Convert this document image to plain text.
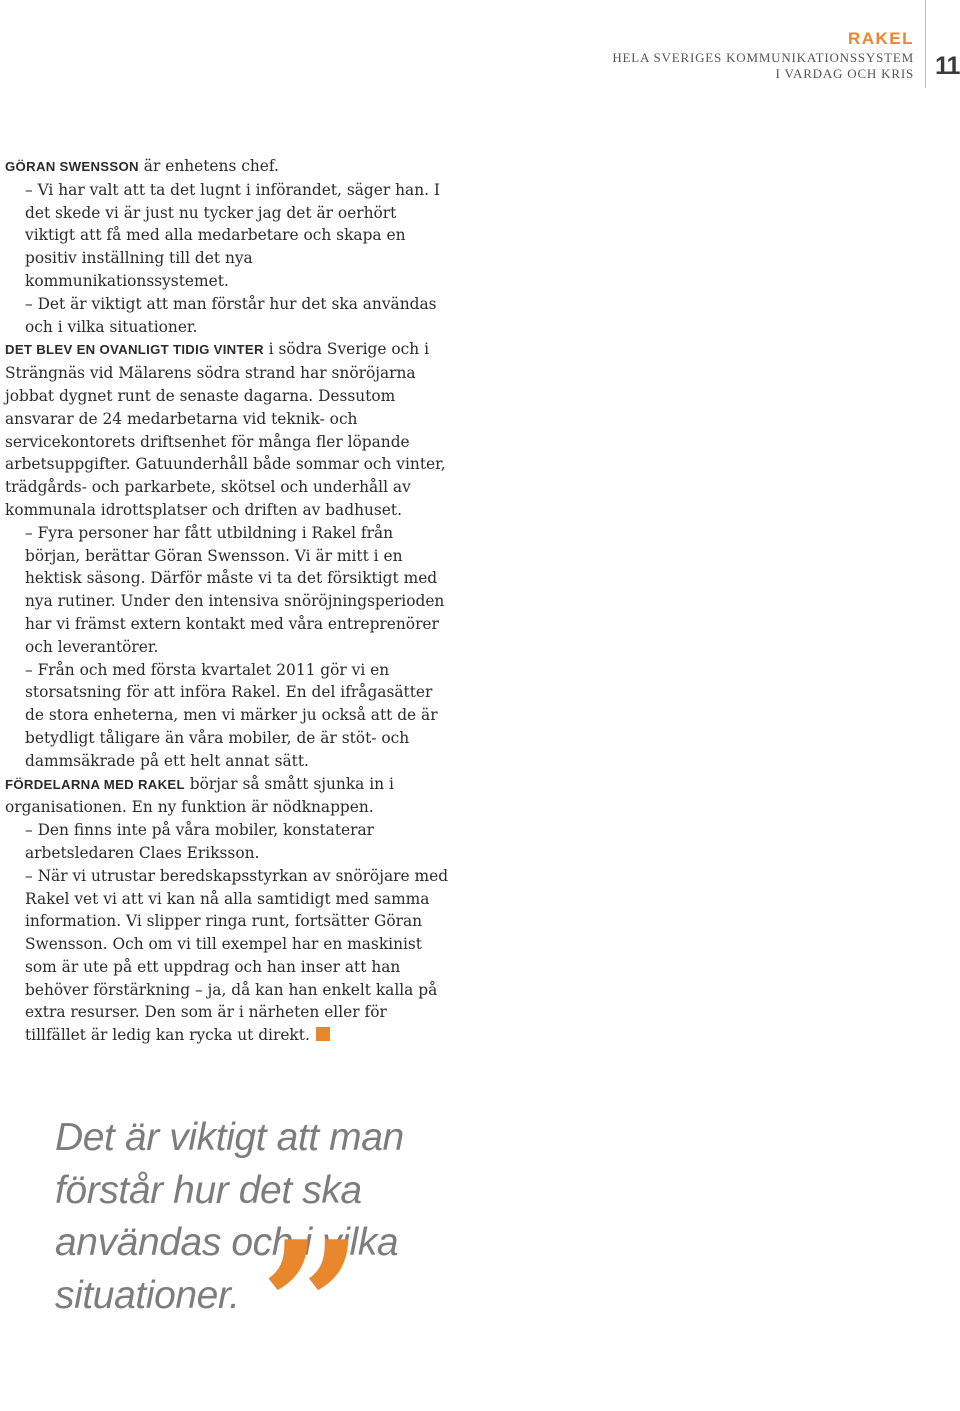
RAKEL
HELA SVERIGES KOMMUNIKATIONSSYSTEM
I VARDAG OCH KRIS 11

GÖRAN SWENSSON är enhetens chef.

– Vi har valt att ta det lugnt i införandet, säger han. I det skede vi är just nu tycker jag det är oerhört viktigt att få med alla medarbetare och skapa en positiv inställning till det nya kommunikationssystemet.

– Det är viktigt att man förstår hur det ska användas och i vilka situationer.

DET BLEV EN OVANLIGT TIDIG VINTER i södra Sverige och i Strängnäs vid Mälarens södra strand har snöröjarna jobbat dygnet runt de senaste dagarna. Dessutom ansvarar de 24 medarbetarna vid teknik- och servicekontorets driftsenhet för många fler löpande arbetsuppgifter. Gatuunderhåll både sommar och vinter, trädgårds- och parkarbete, skötsel och underhåll av kommunala idrottsplatser och driften av badhuset.

– Fyra personer har fått utbildning i Rakel från början, berättar Göran Swensson. Vi är mitt i en hektisk säsong. Därför måste vi ta det försiktigt med nya rutiner. Under den intensiva snöröjningsperioden har vi främst extern kontakt med våra entreprenörer och leverantörer.

– Från och med första kvartalet 2011 gör vi en storsatsning för att införa Rakel. En del ifrågasätter de stora enheterna, men vi märker ju också att de är betydligt tåligare än våra mobiler, de är stöt- och dammsäkrade på ett helt annat sätt.

FÖRDELARNA MED RAKEL börjar så smått sjunka in i organisationen. En ny funktion är nödknappen.

– Den finns inte på våra mobiler, konstaterar arbetsledaren Claes Eriksson.

– När vi utrustar beredskapsstyrkan av snöröjare med Rakel vet vi att vi kan nå alla samtidigt med samma information. Vi slipper ringa runt, fortsätter Göran Swensson. Och om vi till exempel har en maskinist som är ute på ett uppdrag och han inser att han behöver förstärkning – ja, då kan han enkelt kalla på extra resurser. Den som är i närheten eller för tillfället är ledig kan rycka ut direkt.

Det är viktigt att man
förstår hur det ska
användas och i vilka
situationer. ”
